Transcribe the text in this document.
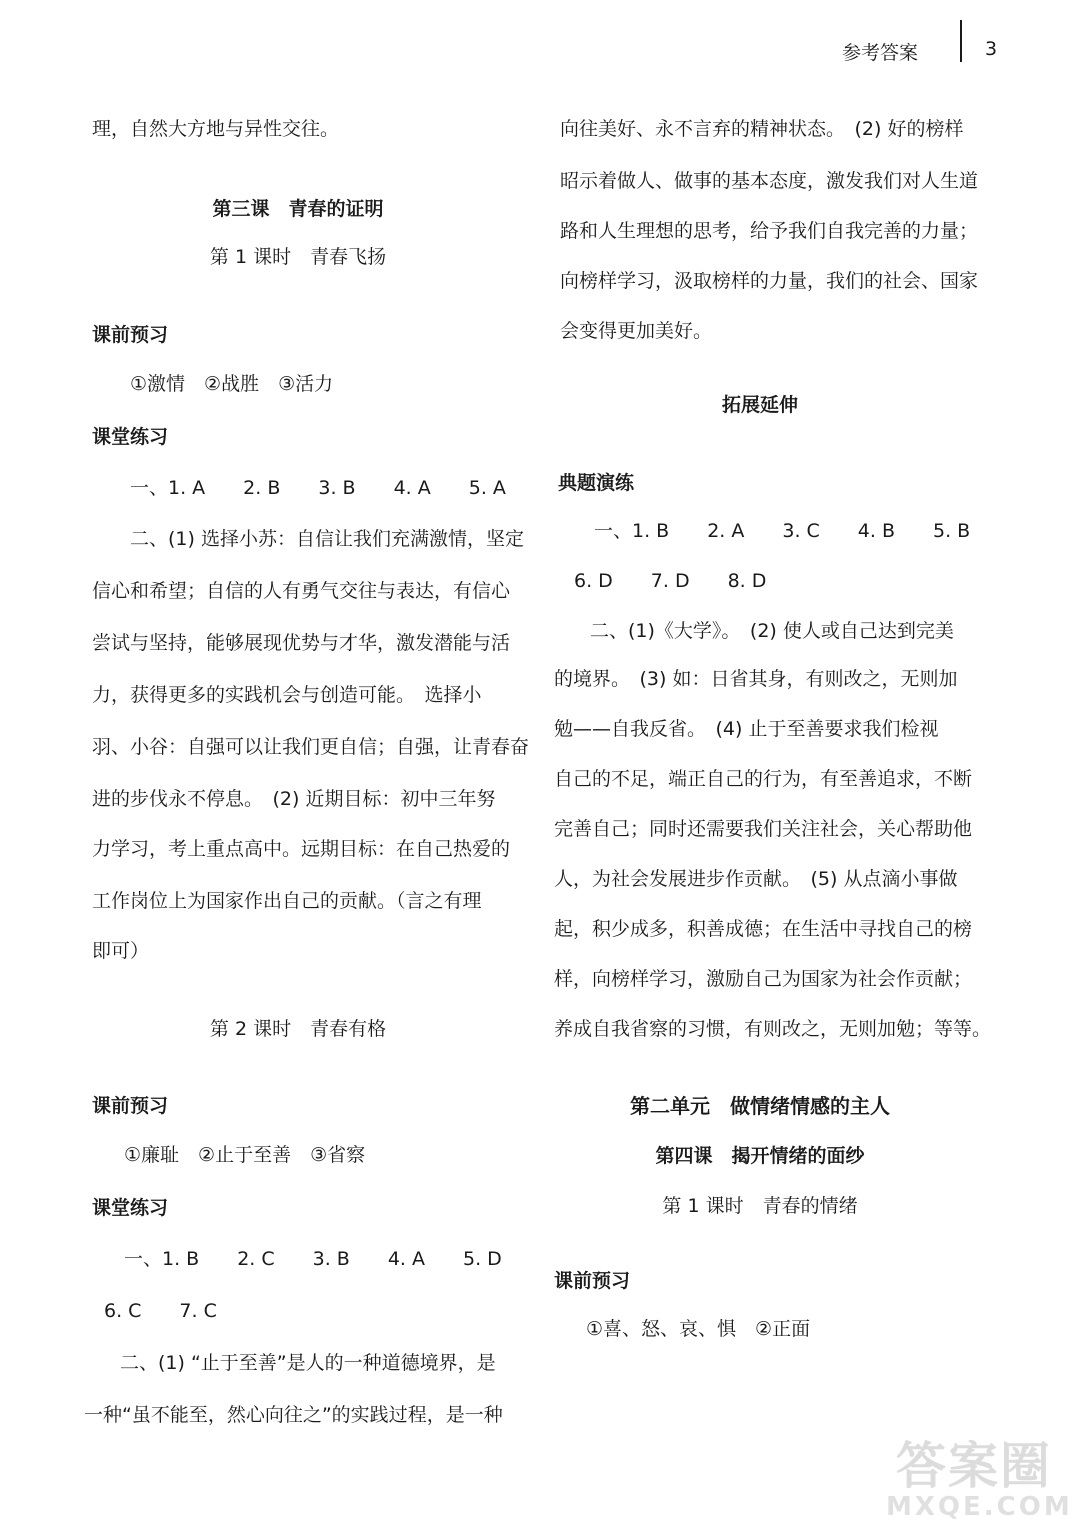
参考答案	3
理，自然大方地与异性交往。
第三课　青春的证明
第 1 课时　青春飞扬
课前预习
①激情　②战胜　③活力
课堂练习
一、1. A　　2. B　　3. B　　4. A　　5. A
二、(1) 选择小苏：自信让我们充满激情，坚定
信心和希望；自信的人有勇气交往与表达，有信心
尝试与坚持，能够展现优势与才华，激发潜能与活
力，获得更多的实践机会与创造可能。　选择小
羽、小谷：自强可以让我们更自信；自强，让青春奋
进的步伐永不停息。　(2) 近期目标：初中三年努
力学习，考上重点高中。远期目标：在自己热爱的
工作岗位上为国家作出自己的贡献。（言之有理
即可）
第 2 课时　青春有格
课前预习
①廉耻　②止于至善　③省察
课堂练习
一、1. B　　2. C　　3. B　　4. A　　5. D
6. C　　7. C
二、(1) “止于至善”是人的一种道德境界，是
一种“虽不能至，然心向往之”的实践过程，是一种
向往美好、永不言弃的精神状态。　(2) 好的榜样
昭示着做人、做事的基本态度，激发我们对人生道
路和人生理想的思考，给予我们自我完善的力量；
向榜样学习，汲取榜样的力量，我们的社会、国家
会变得更加美好。
拓展延伸
典题演练
一、1. B　　2. A　　3. C　　4. B　　5. B
6. D　　7. D　　8. D
二、(1)《大学》。　(2) 使人或自己达到完美
的境界。　(3) 如：日省其身，有则改之，无则加
勉——自我反省。　(4) 止于至善要求我们检视
自己的不足，端正自己的行为，有至善追求，不断
完善自己；同时还需要我们关注社会，关心帮助他
人，为社会发展进步作贡献。　(5) 从点滴小事做
起，积少成多，积善成德；在生活中寻找自己的榜
样，向榜样学习，激励自己为国家为社会作贡献；
养成自我省察的习惯，有则改之，无则加勉；等等。
第二单元　做情绪情感的主人
第四课　揭开情绪的面纱
第 1 课时　青春的情绪
课前预习
①喜、怒、哀、惧　②正面
答案圈
MXQE.COM
